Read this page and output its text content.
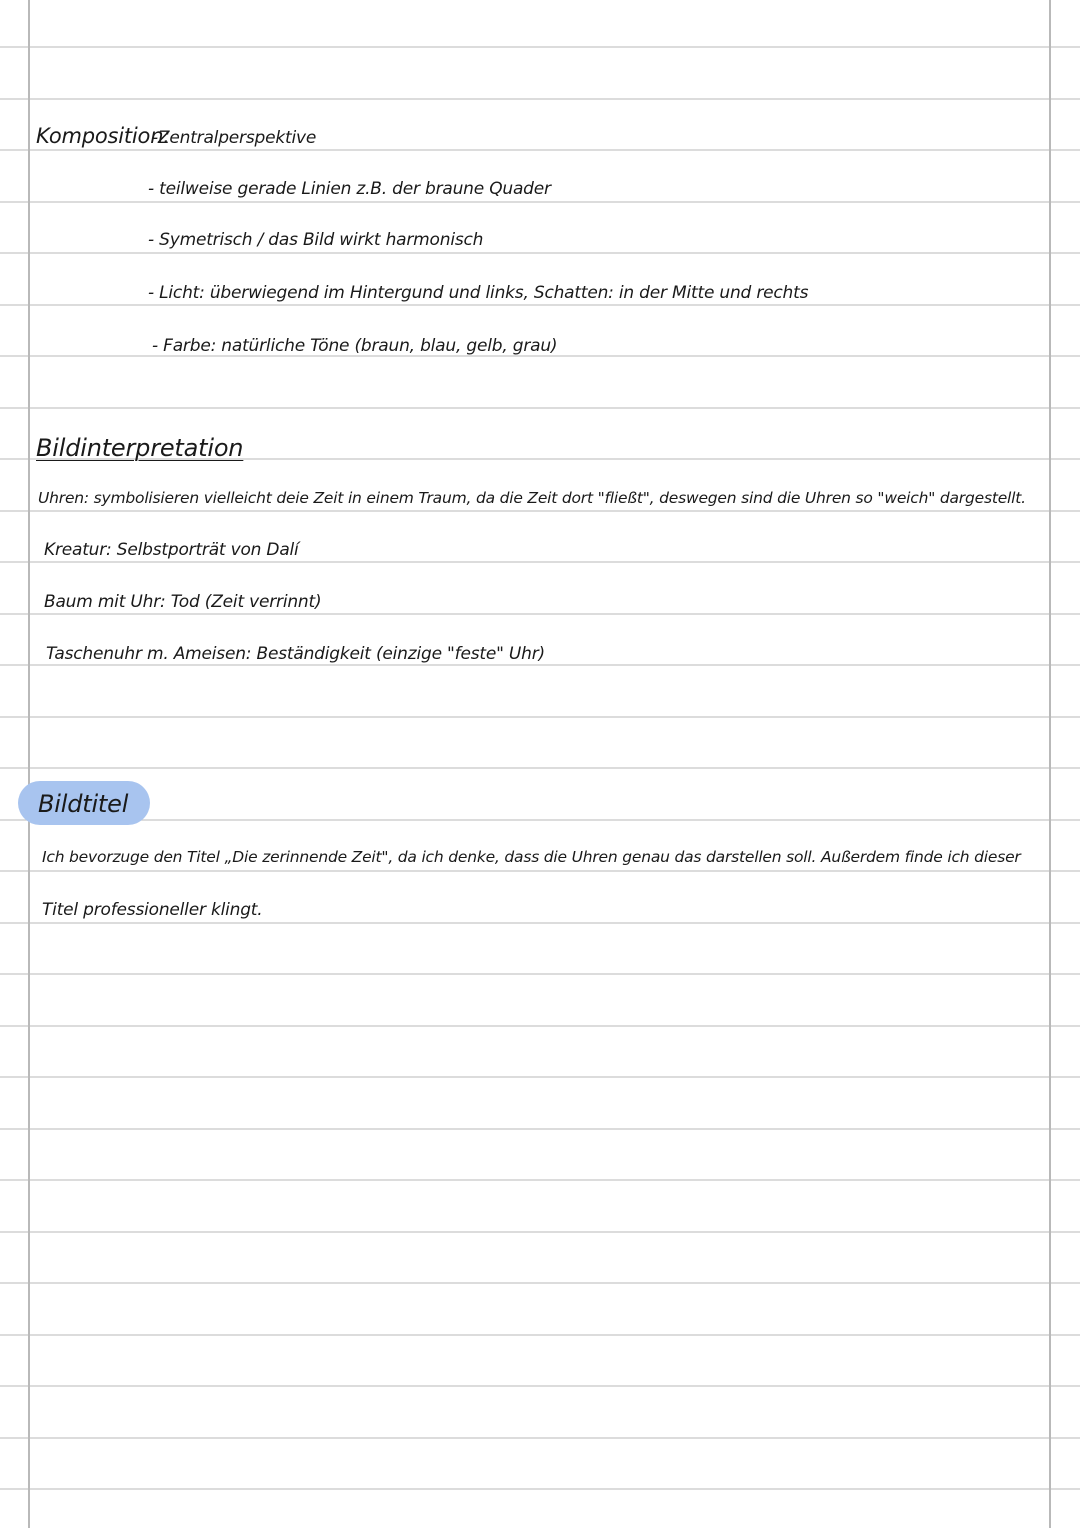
Komposition:
-Zentralperspektive
- teilweise gerade Linien z.B. der braune Quader
- Symetrisch / das Bild wirkt harmonisch
- Licht: überwiegend im Hintergund und links, Schatten: in der Mitte und rechts
- Farbe: natürliche Töne (braun, blau, gelb, grau)
Bildinterpretation
Uhren: symbolisieren vielleicht deie Zeit in einem Traum, da die Zeit dort "fließt", deswegen sind die Uhren so "weich" dargestellt.
Kreatur: Selbstporträt von Dalí
Baum mit Uhr: Tod (Zeit verrinnt)
Taschenuhr m. Ameisen: Beständigkeit (einzige "feste" Uhr)
Bildtitel
Ich bevorzuge den Titel „Die zerinnende Zeit", da ich denke, dass die Uhren genau das darstellen soll. Außerdem finde ich dieser
Titel professioneller klingt.
